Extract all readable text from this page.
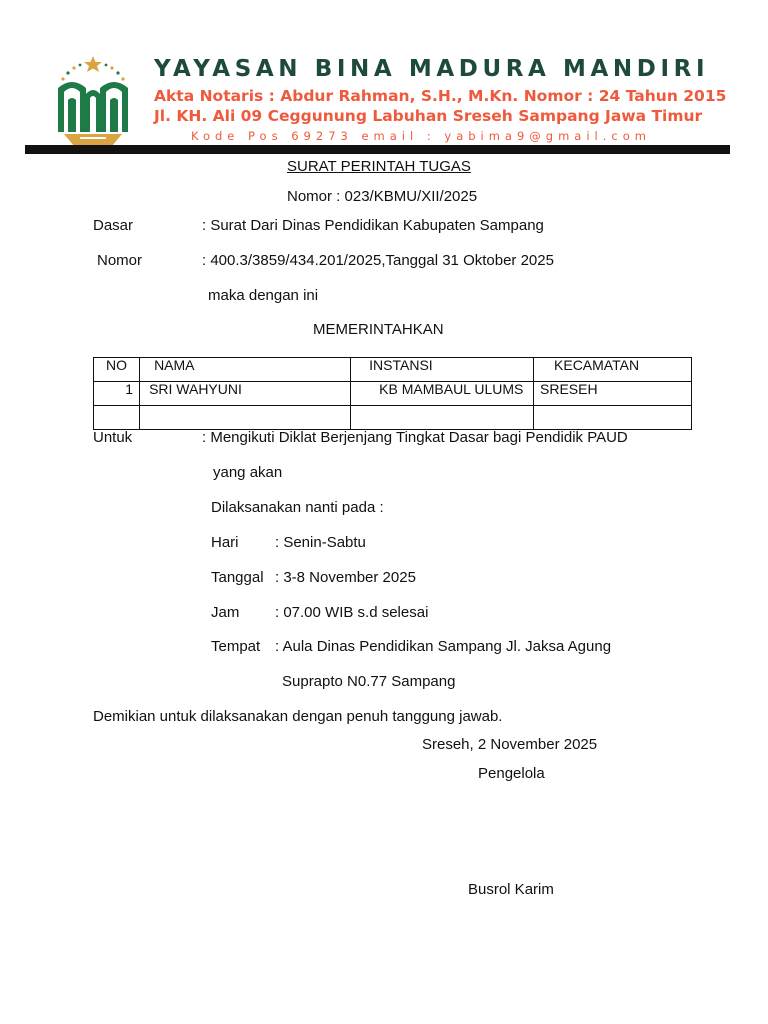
YAYASAN BINA MADURA MANDIRI
Akta Notaris : Abdur Rahman, S.H., M.Kn. Nomor : 24 Tahun 2015
Jl. KH. Ali 09 Ceggunung Labuhan Sreseh Sampang Jawa Timur
Kode Pos 69273 email : yabima9@gmail.com
SURAT PERINTAH TUGAS
Nomor : 023/KBMU/XII/2025
Dasar	: Surat Dari Dinas Pendidikan Kabupaten Sampang
Nomor	: 400.3/3859/434.201/2025,Tanggal 31 Oktober 2025
maka dengan ini
MEMERINTAHKAN
NO	NAMA	INSTANSI	KECAMATAN
1	SRI WAHYUNI	KB MAMBAUL ULUMS	SRESEH

Untuk	: Mengikuti Diklat Berjenjang Tingkat Dasar bagi Pendidik PAUD
yang akan
Dilaksanakan nanti pada :
Hari : Senin-Sabtu
Tanggal : 3-8 November 2025
Jam : 07.00 WIB s.d selesai
Tempat : Aula Dinas Pendidikan Sampang Jl. Jaksa Agung
Suprapto N0.77 Sampang
Demikian untuk dilaksanakan dengan penuh tanggung jawab.
Sreseh, 2 November 2025
Pengelola
Busrol Karim
